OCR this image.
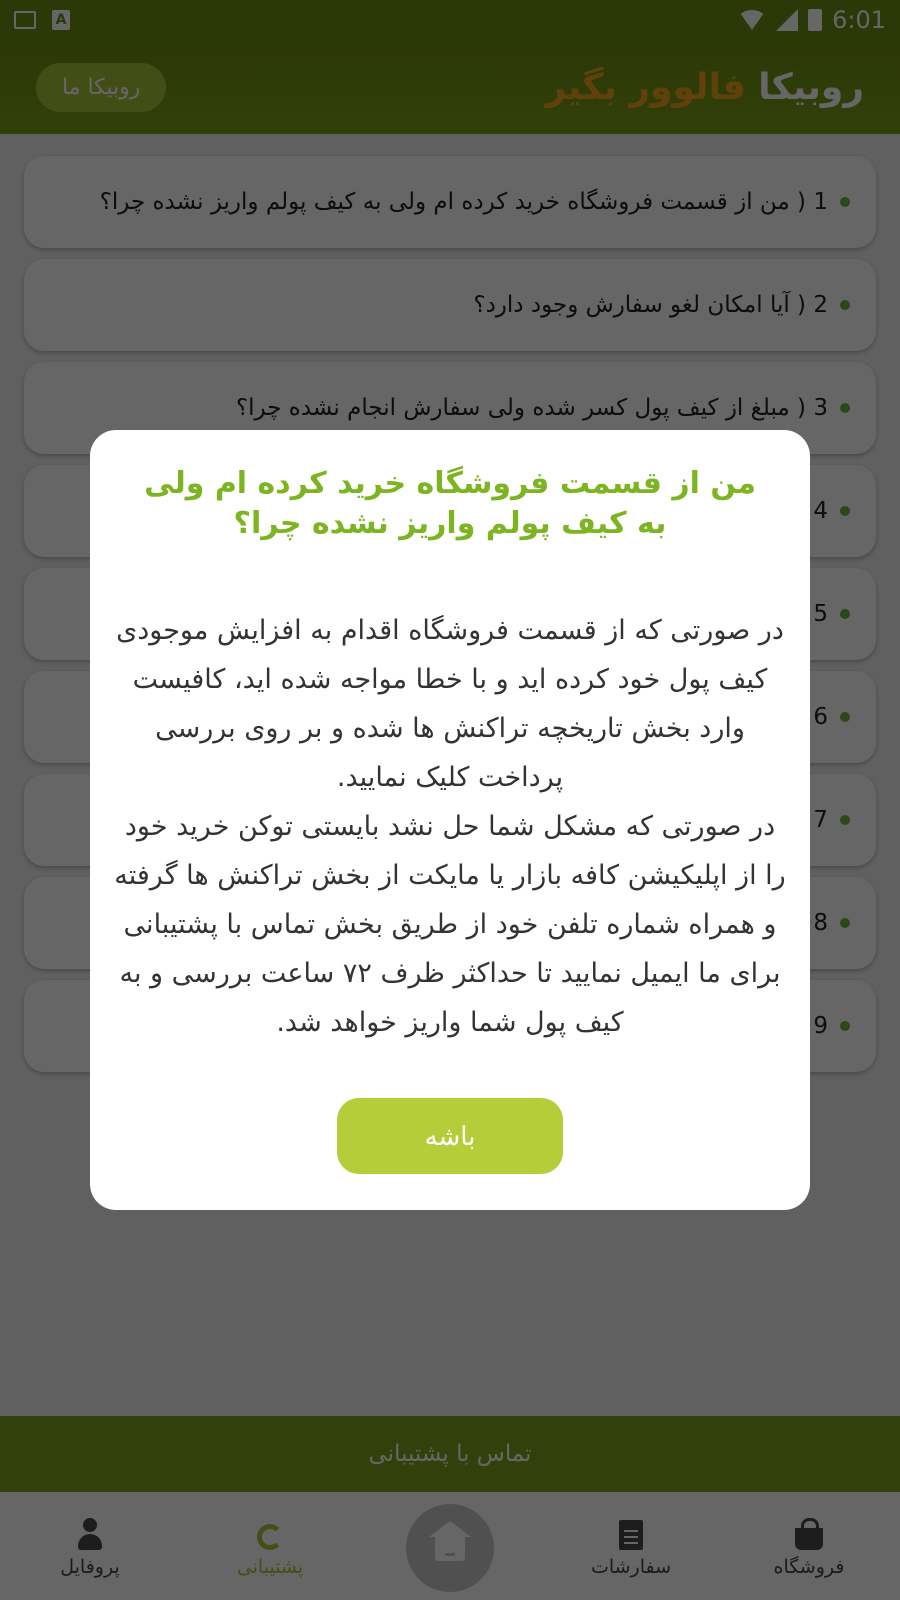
من از قسمت فروشگاه خرید کرده ام ولی به کیف پولم واریز نشده چرا؟
در صورتی که از قسمت فروشگاه اقدام به افزایش موجودی کیف پول خود کرده اید و با خطا مواجه شده اید، کافیست وارد بخش تاریخچه تراکنش ها شده و بر روی بررسی پرداخت کلیک نمایید.
در صورتی که مشکل شما حل نشد بایستی توکن خرید خود را از اپلیکیشن کافه بازار یا مایکت از بخش تراکنش ها گرفته و همراه شماره تلفن خود از طریق بخش تماس با پشتیبانی برای ما ایمیل نمایید تا حداکثر ظرف ۷۲ ساعت بررسی و به کیف پول شما واریز خواهد شد.
باشه
